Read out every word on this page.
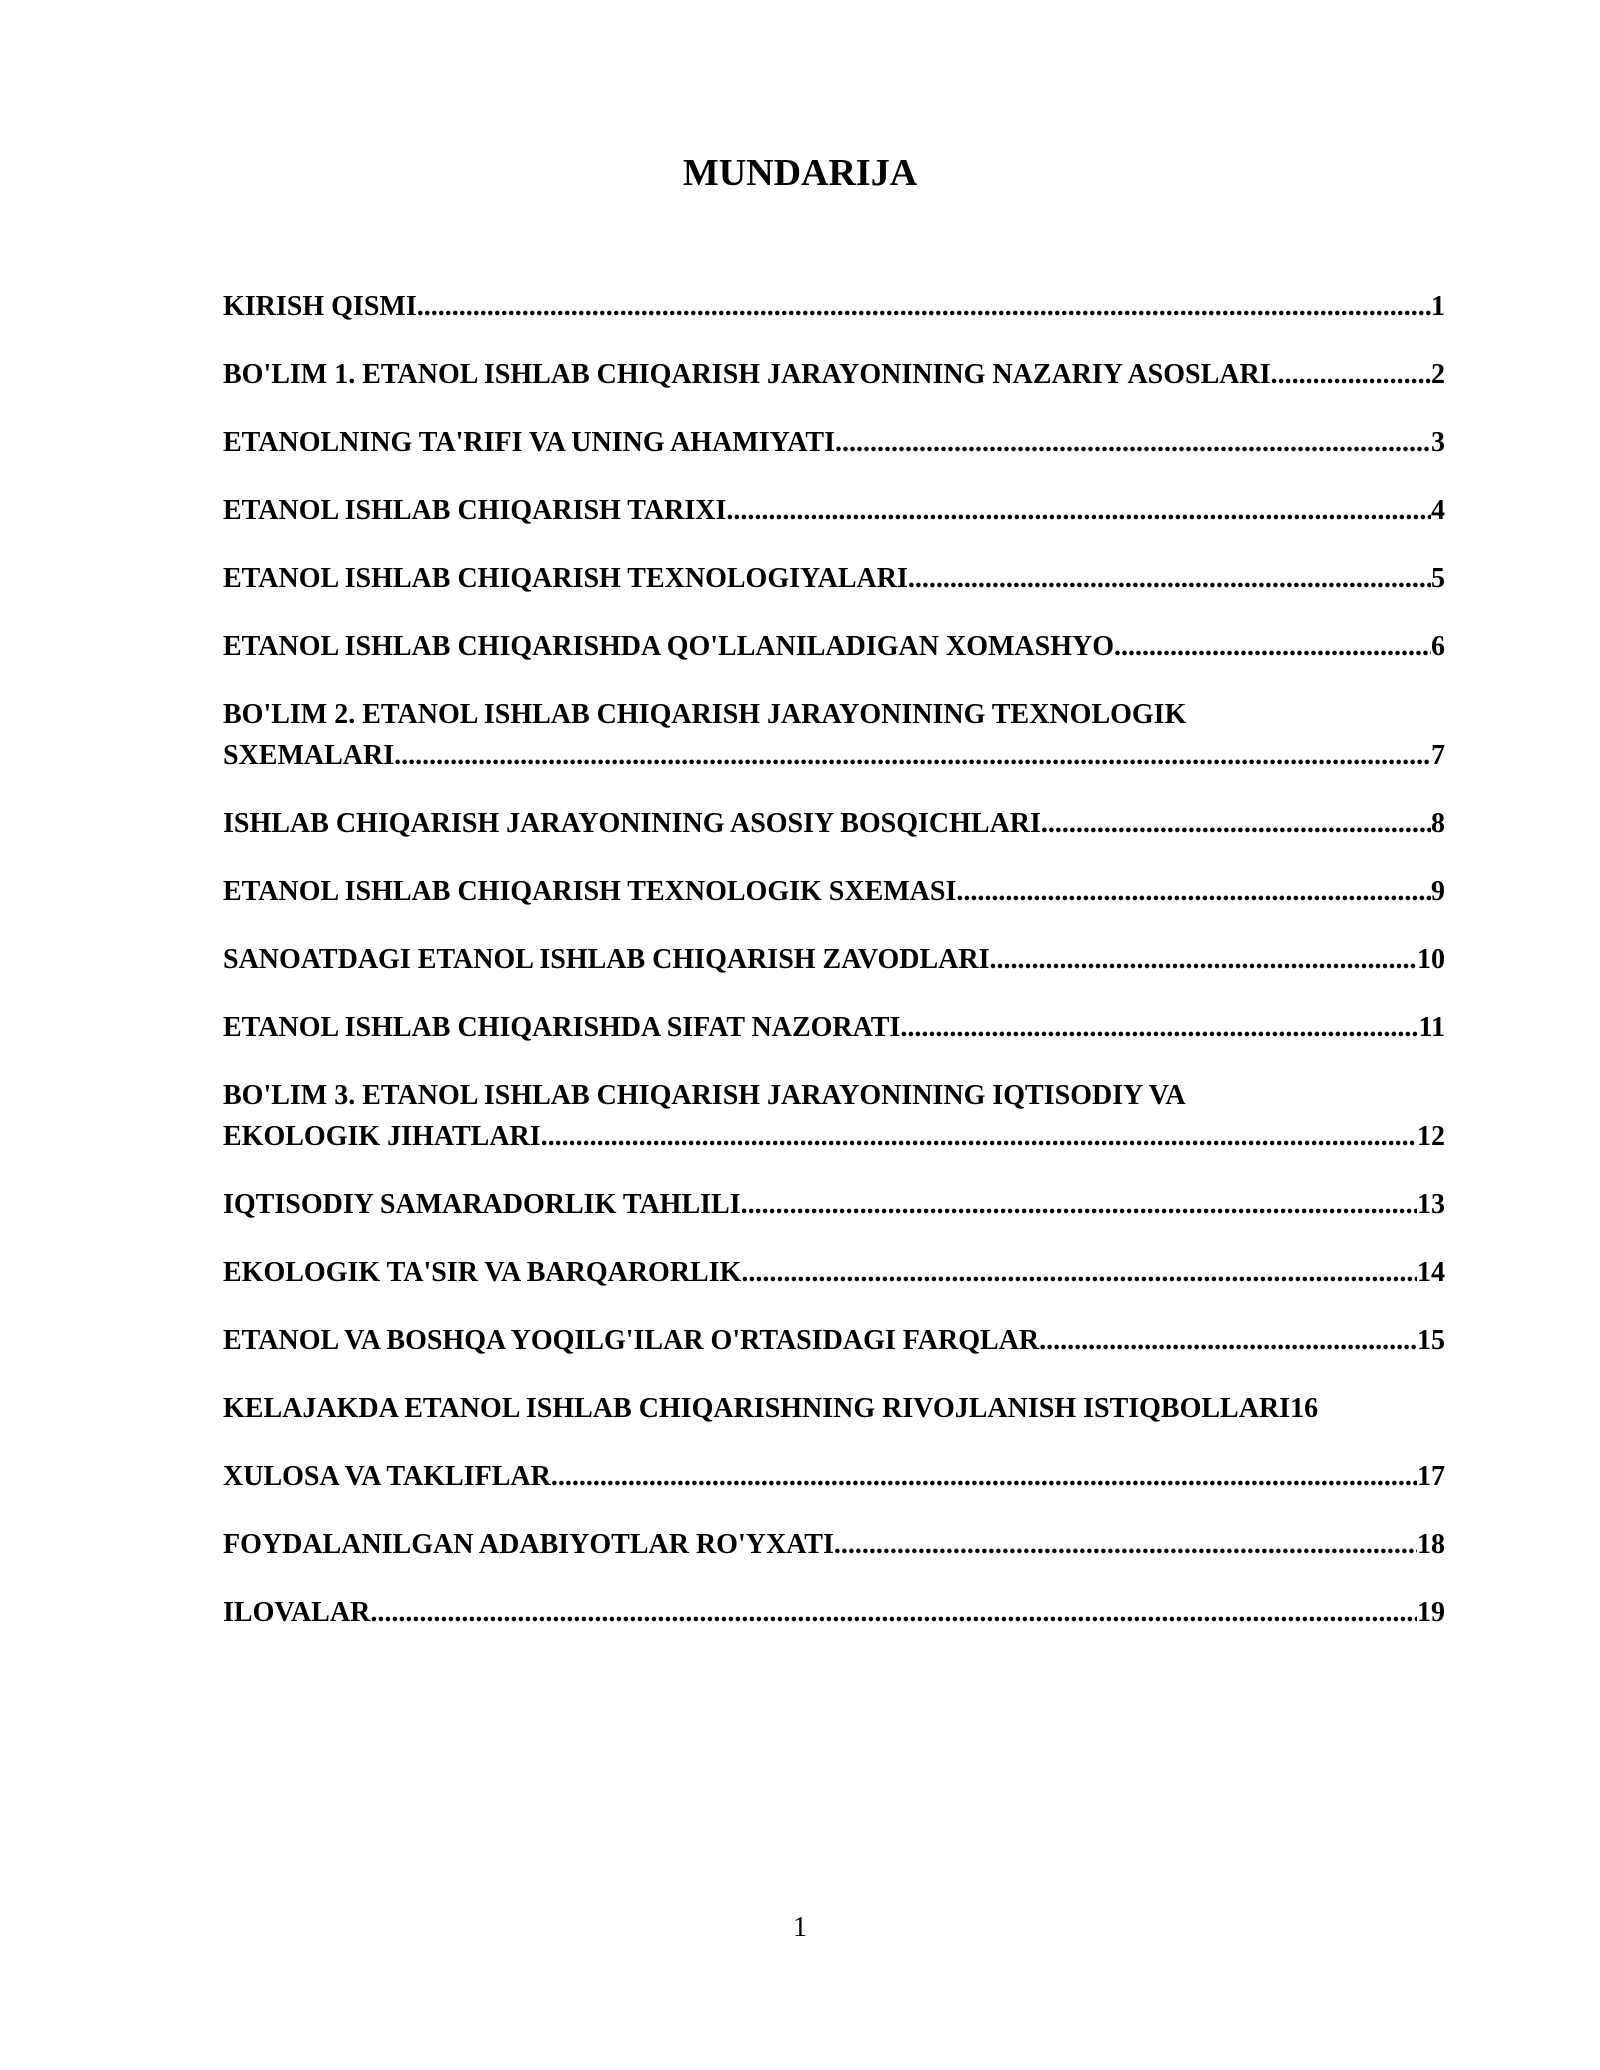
MUNDARIJA
KIRISH QISMI .....	1
BO'LIM 1. ETANOL ISHLAB CHIQARISH JARAYONINING NAZARIY ASOSLARI .....	2
ETANOLNING TA'RIFI VA UNING AHAMIYATI .....	3
ETANOL ISHLAB CHIQARISH TARIXI .....	4
ETANOL ISHLAB CHIQARISH TEXNOLOGIYALARI .....	5
ETANOL ISHLAB CHIQARISHDA QO'LLANILADIGAN XOMASHYO .....	6
BO'LIM 2. ETANOL ISHLAB CHIQARISH JARAYONINING TEXNOLOGIK
SXEMALARI .....	7
ISHLAB CHIQARISH JARAYONINING ASOSIY BOSQICHLARI .....	8
ETANOL ISHLAB CHIQARISH TEXNOLOGIK SXEMASI .....	9
SANOATDAGI ETANOL ISHLAB CHIQARISH ZAVODLARI .....	10
ETANOL ISHLAB CHIQARISHDA SIFAT NAZORATI .....	11
BO'LIM 3. ETANOL ISHLAB CHIQARISH JARAYONINING IQTISODIY VA
EKOLOGIK JIHATLARI .....	12
IQTISODIY SAMARADORLIK TAHLILI .....	13
EKOLOGIK TA'SIR VA BARQARORLIK .....	14
ETANOL VA BOSHQA YOQILG'ILAR O'RTASIDAGI FARQLAR .....	15
KELAJAKDA ETANOL ISHLAB CHIQARISHNING RIVOJLANISH ISTIQBOLLARI 16
XULOSA VA TAKLIFLAR .....	17
FOYDALANILGAN ADABIYOTLAR RO'YXATI .....	18
ILOVALAR .....	19
1
